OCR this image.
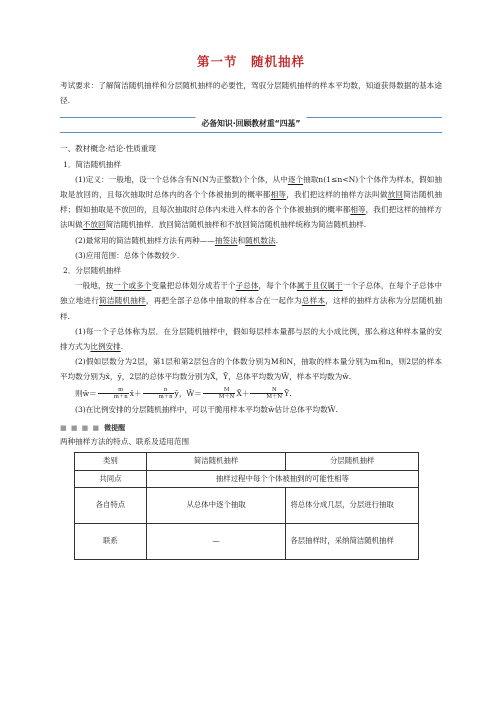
第一节　随机抽样

考试要求：了解简洁随机抽样和分层随机抽样的必要性，驾驭分层随机抽样的样本平均数，知道获得数据的基本途径.

必备知识·回顾教材重“四基”

一、教材概念·结论·性质重现

1．简洁随机抽样

(1)定义：一般地，设一个总体含有N(N为正整数)个个体，从中逐个抽取n(1≤n<N)个个体作为样本，假如抽取是放回的，且每次抽取时总体内的各个个体被抽到的概率都相等，我们把这样的抽样方法叫做放回简洁随机抽样；假如抽取是不放回的，且每次抽取时总体内未进入样本的各个个体被抽到的概率都相等，我们把这样的抽样方法叫做不放回简洁随机抽样．放回简洁随机抽样和不放回简洁随机抽样统称为简洁随机抽样.

(2)最常用的简洁随机抽样方法有两种——抽签法和随机数法.

(3)应用范围：总体个体数较少.

2．分层随机抽样

一般地，按一个或多个变量把总体划分成若干个子总体，每个个体属于且仅属于一个子总体，在每个子总体中独立地进行简洁随机抽样，再把全部子总体中抽取的样本合在一起作为总样本，这样的抽样方法称为分层随机抽样.

(1)每一个子总体称为层．在分层随机抽样中，假如每层样本量都与层的大小成比例，那么称这种样本量的安排方式为比例安排.

(2)假如层数分为2层，第1层和第2层包含的个体数分别为M和N，抽取的样本量分别为m和n，则2层的样本平均数分别为x̄，ȳ，2层的总体平均数分别为X̄，Ȳ，总体平均数为W̄，样本平均数为w̄.

则w̄＝ $\frac{m}{m+n}$ x̄＋ $\frac{n}{m+n}$ ȳ，W̄＝ $\frac{M}{M+N}$ X̄＋ $\frac{N}{M+N}$ Ȳ.

(3)在比例安排的分层随机抽样中，可以干脆用样本平均数w̄估计总体平均数W̄.

■ ■ ■ ■ 微提醒

两种抽样方法的特点、联系及适用范围

类别	简洁随机抽样	分层随机抽样
共同点	抽样过程中每个个体被抽到的可能性相等	
各自特点	从总体中逐个抽取	将总体分成几层，分层进行抽取
联系	—	各层抽样时，采纳简洁随机抽样
